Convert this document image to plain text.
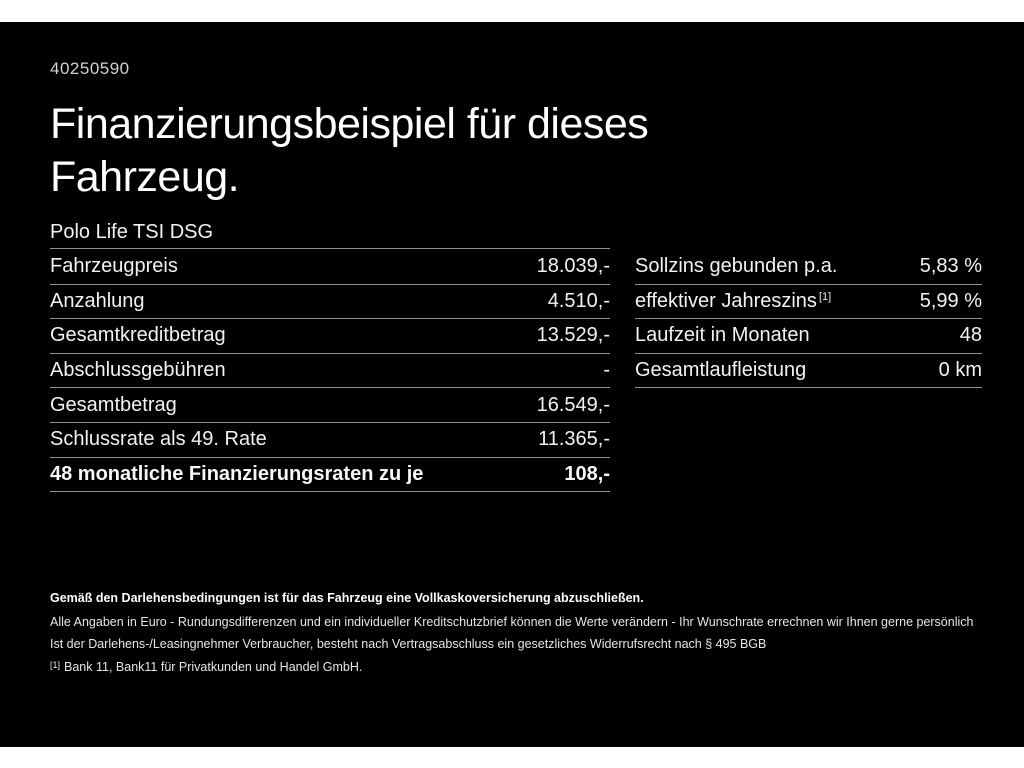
40250590
Finanzierungsbeispiel für dieses Fahrzeug.
Polo Life TSI DSG
Fahrzeugpreis	18.039,-
Anzahlung	4.510,-
Gesamtkreditbetrag	13.529,-
Abschlussgebühren	-
Gesamtbetrag	16.549,-
Schlussrate als 49. Rate	11.365,-
48 monatliche Finanzierungsraten zu je	108,-
Sollzins gebunden p.a.	5,83 %
effektiver Jahreszins [1]	5,99 %
Laufzeit in Monaten	48
Gesamtlaufleistung	0 km

Gemäß den Darlehensbedingungen ist für das Fahrzeug eine Vollkaskoversicherung abzuschließen.

Alle Angaben in Euro - Rundungsdifferenzen und ein individueller Kreditschutzbrief können die Werte verändern - Ihr Wunschrate errechnen wir Ihnen gerne persönlich

Ist der Darlehens-/Leasingnehmer Verbraucher, besteht nach Vertragsabschluss ein gesetzliches Widerrufsrecht nach § 495 BGB

[1] Bank 11, Bank11 für Privatkunden und Handel GmbH.
